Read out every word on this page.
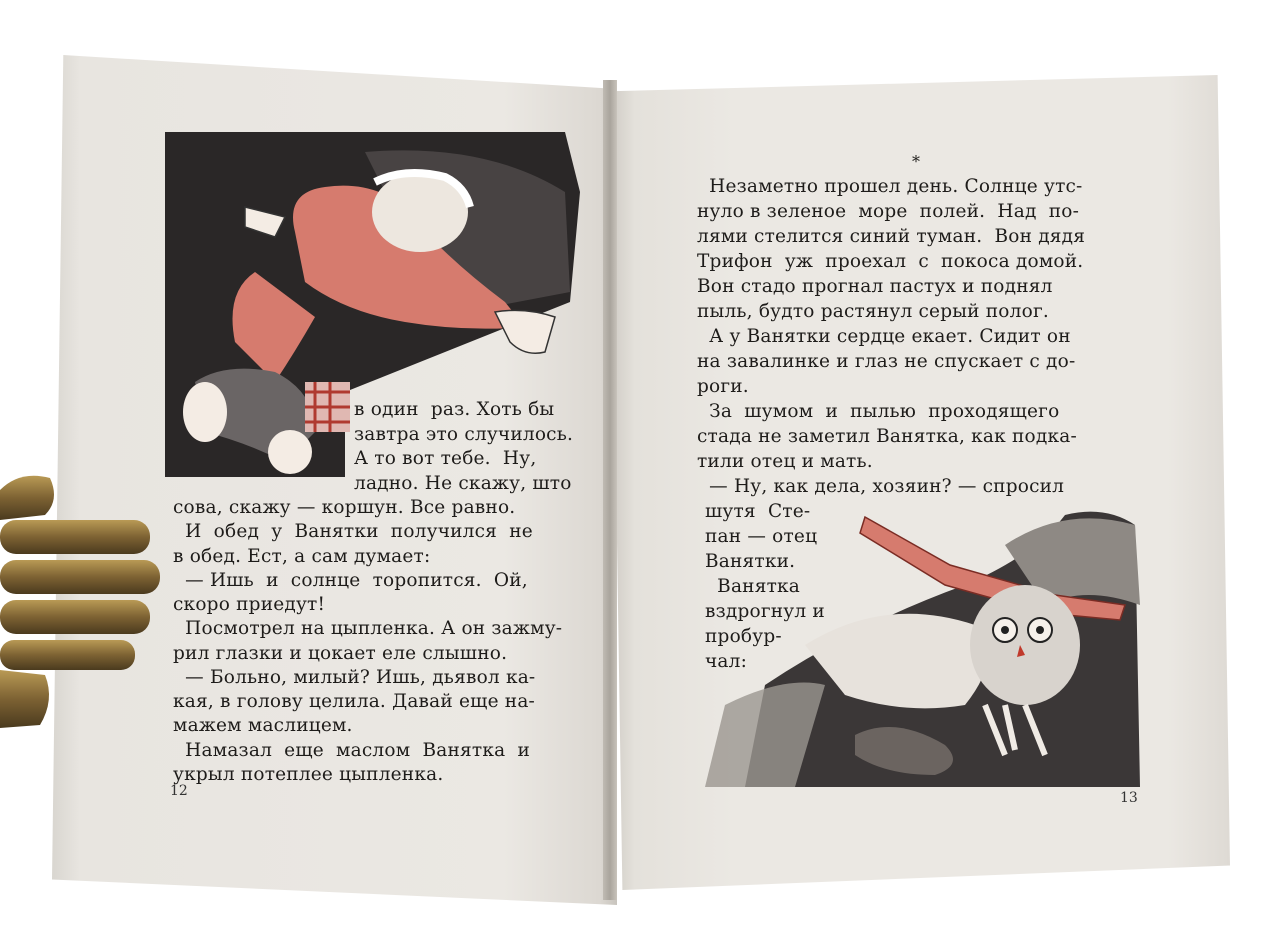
в один  раз. Хоть бы
завтра это случилось.
А то вот тебе.  Ну,
ладно. Не скажу, што
сова, скажу — коршун. Все равно.
И  обед  у  Ванятки  получился  не
в обед. Ест, а сам думает:
— Ишь  и  солнце  торопится.  Ой,
скоро приедут!
Посмотрел на цыпленка. А он зажму-
рил глазки и цокает еле слышно.
— Больно, милый? Ишь, дьявол ка-
кая, в голову целила. Давай еще на-
мажем маслицем.
Намазал  еще  маслом  Ванятка  и
укрыл потеплее цыпленка.
12
*
Незаметно прошел день. Солнце утс-
нуло в зеленое  море  полей.  Над  по-
лями стелится синий туман.  Вон дядя
Трифон  уж  проехал  с  покоса домой.
Вон стадо прогнал пастух и поднял
пыль, будто растянул серый полог.
А у Ванятки сердце екает. Сидит он
на завалинке и глаз не спускает с до-
роги.
За  шумом  и  пылью  проходящего
стада не заметил Ванятка, как подка-
тили отец и мать.
— Ну, как дела, хозяин? — спросил
шутя  Сте-
пан — отец
Ванятки.
Ванятка
вздрогнул и
пробур-
чал:
13
